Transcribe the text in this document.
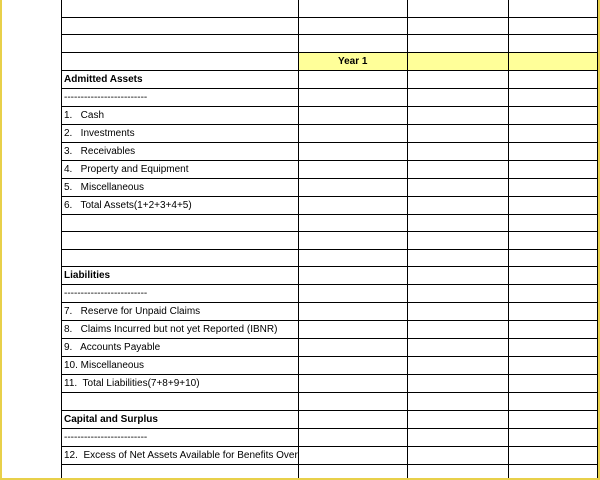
	Year 1		
Admitted Assets			
-------------------------			
1.   Cash			
2.   Investments			
3.   Receivables			
4.   Property and Equipment			
5.   Miscellaneous			
6.   Total Assets(1+2+3+4+5)			

Liabilities			
-------------------------			
7.   Reserve for Unpaid Claims			
8.   Claims Incurred but not yet Reported (IBNR)			
9.   Accounts Payable			
10. Miscellaneous			
11.  Total Liabilities(7+8+9+10)			

Capital and Surplus			
-------------------------			
12.  Excess of Net Assets Available for Benefits Over			
